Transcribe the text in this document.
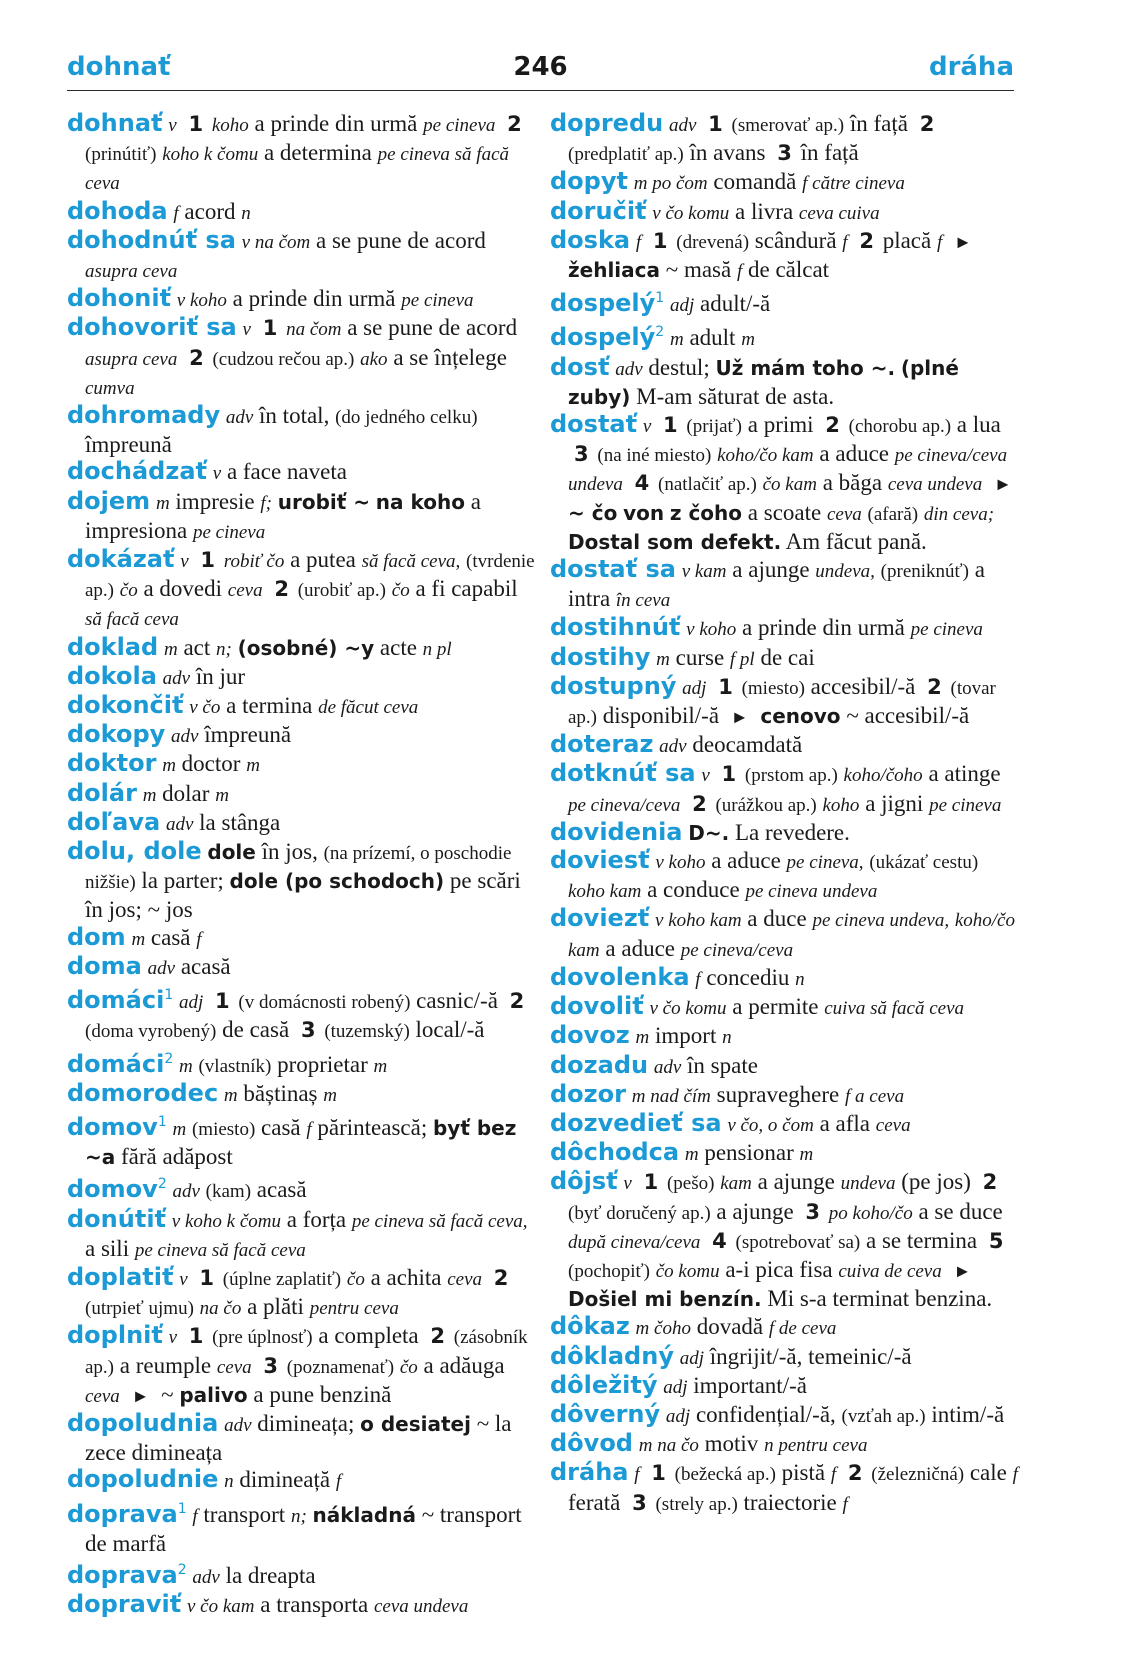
dohnať	246	dráha

dohnať v 1 koho a prinde din urmă pe cineva 2 (prinútiť) koho k čomu a determina pe cineva să facă ceva

dohoda f acord n

dohodnúť sa v na čom a se pune de acord asupra ceva

dohoniť v koho a prinde din urmă pe cineva

dohovoriť sa v 1 na čom a se pune de acord asupra ceva 2 (cudzou rečou ap.) ako a se înțelege cumva

dohromady adv în total, (do jedného celku) împreună

dochádzať v a face naveta

dojem m impresie f; urobiť ~ na koho a impresiona pe cineva

dokázať v 1 robiť čo a putea să facă ceva, (tvrdenie ap.) čo a dovedi ceva 2 (urobiť ap.) čo a fi capabil să facă ceva

doklad m act n; (osobné) ~y acte n pl

dokola adv în jur

dokončiť v čo a termina de făcut ceva

dokopy adv împreună

doktor m doctor m

dolár m dolar m

doľava adv la stânga

dolu, dole dole în jos, (na prízemí, o poschodie nižšie) la parter; dole (po schodoch) pe scări în jos; ~ jos

dom m casă f

doma adv acasă

domáci$^1$ adj 1 (v domácnosti robený) casnic/-ă 2 (doma vyrobený) de casă 3 (tuzemský) local/-ă

domáci$^2$ m (vlastník) proprietar m

domorodec m băștinaș m

domov$^1$ m (miesto) casă f părintească; byť bez ~a fără adăpost

domov$^2$ adv (kam) acasă

donútiť v koho k čomu a forța pe cineva să facă ceva, a sili pe cineva să facă ceva

doplatiť v 1 (úplne zaplatiť) čo a achita ceva 2 (utrpieť ujmu) na čo a plăti pentru ceva

doplniť v 1 (pre úplnosť) a completa 2 (zásobník ap.) a reumple ceva 3 (poznamenať) čo a adăuga ceva ► ~ palivo a pune benzină

dopoludnia adv dimineața; o desiatej ~ la zece dimineața

dopoludnie n dimineață f

doprava$^1$ f transport n; nákladná ~ transport de marfă

doprava$^2$ adv la dreapta

dopraviť v čo kam a transporta ceva undeva

dopredu adv 1 (smerovať ap.) în față 2 (predplatiť ap.) în avans 3 în față

dopyt m po čom comandă f către cineva

doručiť v čo komu a livra ceva cuiva

doska f 1 (drevená) scândură f 2 placă f ► žehliaca ~ masă f de călcat

dospelý$^1$ adj adult/-ă

dospelý$^2$ m adult m

dosť adv destul; Už mám toho ~. (plné zuby) M-am săturat de asta.

dostať v 1 (prijať) a primi 2 (chorobu ap.) a lua 3 (na iné miesto) koho/čo kam a aduce pe cineva/ceva undeva 4 (natlačiť ap.) čo kam a băga ceva undeva ► ~ čo von z čoho a scoate ceva (afară) din ceva; Dostal som defekt. Am făcut pană.

dostať sa v kam a ajunge undeva, (preniknúť) a intra în ceva

dostihnúť v koho a prinde din urmă pe cineva

dostihy m curse f pl de cai

dostupný adj 1 (miesto) accesibil/-ă 2 (tovar ap.) disponibil/-ă ► cenovo ~ accesibil/-ă

doteraz adv deocamdată

dotknúť sa v 1 (prstom ap.) koho/čoho a atinge pe cineva/ceva 2 (urážkou ap.) koho a jigni pe cineva

dovidenia D~. La revedere.

doviesť v koho a aduce pe cineva, (ukázať cestu) koho kam a conduce pe cineva undeva

doviezť v koho kam a duce pe cineva undeva, koho/čo kam a aduce pe cineva/ceva

dovolenka f concediu n

dovoliť v čo komu a permite cuiva să facă ceva

dovoz m import n

dozadu adv în spate

dozor m nad čím supraveghere f a ceva

dozvedieť sa v čo, o čom a afla ceva

dôchodca m pensionar m

dôjsť v 1 (pešo) kam a ajunge undeva (pe jos) 2 (byť doručený ap.) a ajunge 3 po koho/čo a se duce după cineva/ceva 4 (spotrebovať sa) a se termina 5 (pochopiť) čo komu a-i pica fisa cuiva de ceva ► Došiel mi benzín. Mi s-a terminat benzina.

dôkaz m čoho dovadă f de ceva

dôkladný adj îngrijit/-ă, temeinic/-ă

dôležitý adj important/-ă

dôverný adj confidențial/-ă, (vzťah ap.) intim/-ă

dôvod m na čo motiv n pentru ceva

dráha f 1 (bežecká ap.) pistă f 2 (železničná) cale f ferată 3 (strely ap.) traiectorie f
